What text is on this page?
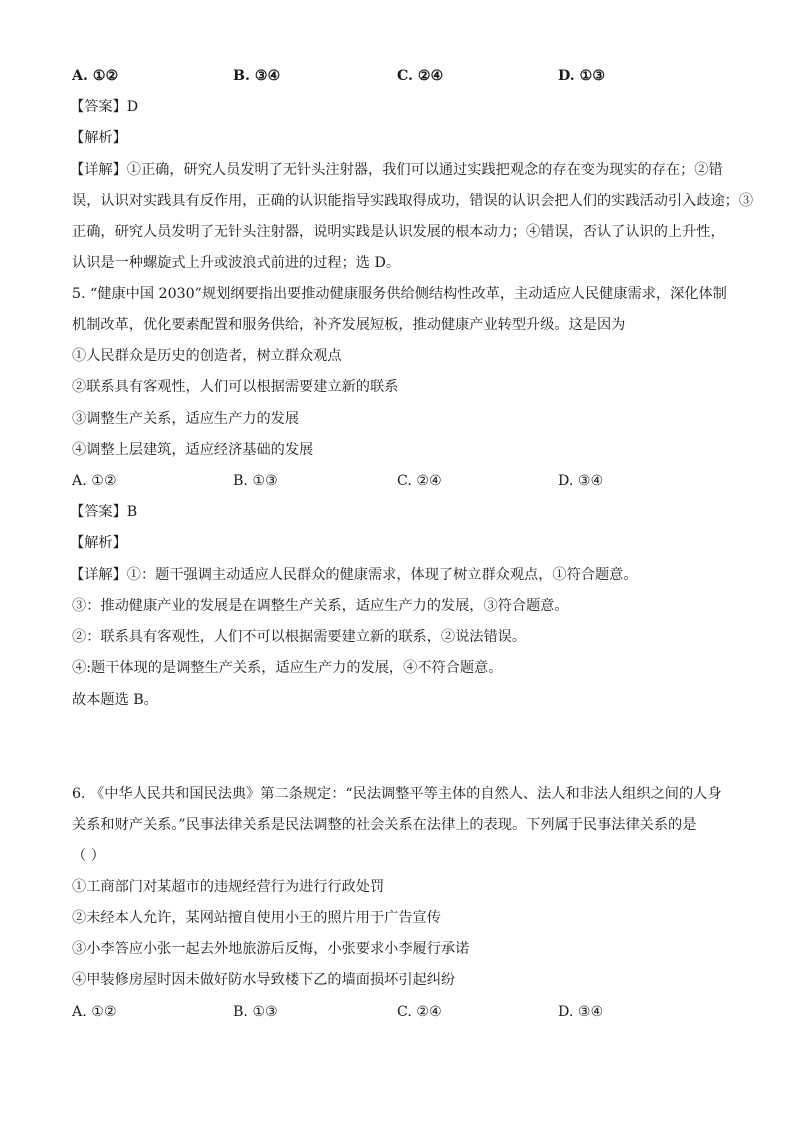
A. ①②	B. ③④	C. ②④	D. ①③
【答案】D
【解析】
【详解】①正确，研究人员发明了无针头注射器，我们可以通过实践把观念的存在变为现实的存在；②错
误，认识对实践具有反作用，正确的认识能指导实践取得成功，错误的认识会把人们的实践活动引入歧途；③
正确，研究人员发明了无针头注射器，说明实践是认识发展的根本动力；④错误，否认了认识的上升性，
认识是一种螺旋式上升或波浪式前进的过程；选 D。
5. “健康中国 2030”规划纲要指出要推动健康服务供给侧结构性改革，主动适应人民健康需求，深化体制
机制改革，优化要素配置和服务供给，补齐发展短板，推动健康产业转型升级。这是因为
①人民群众是历史的创造者，树立群众观点
②联系具有客观性，人们可以根据需要建立新的联系
③调整生产关系，适应生产力的发展
④调整上层建筑，适应经济基础的发展
A. ①②	B. ①③	C. ②④	D. ③④
【答案】B
【解析】
【详解】①：题干强调主动适应人民群众的健康需求，体现了树立群众观点，①符合题意。
③：推动健康产业的发展是在调整生产关系，适应生产力的发展，③符合题意。
②：联系具有客观性，人们不可以根据需要建立新的联系，②说法错误。
④:题干体现的是调整生产关系，适应生产力的发展，④不符合题意。
故本题选 B。
6. 《中华人民共和国民法典》第二条规定：“民法调整平等主体的自然人、法人和非法人组织之间的人身
关系和财产关系。”民事法律关系是民法调整的社会关系在法律上的表现。下列属于民事法律关系的是
（ ）
①工商部门对某超市的违规经营行为进行行政处罚
②未经本人允许，某网站擅自使用小王的照片用于广告宣传
③小李答应小张一起去外地旅游后反悔，小张要求小李履行承诺
④甲装修房屋时因未做好防水导致楼下乙的墙面损坏引起纠纷
A. ①②	B. ①③	C. ②④	D. ③④
